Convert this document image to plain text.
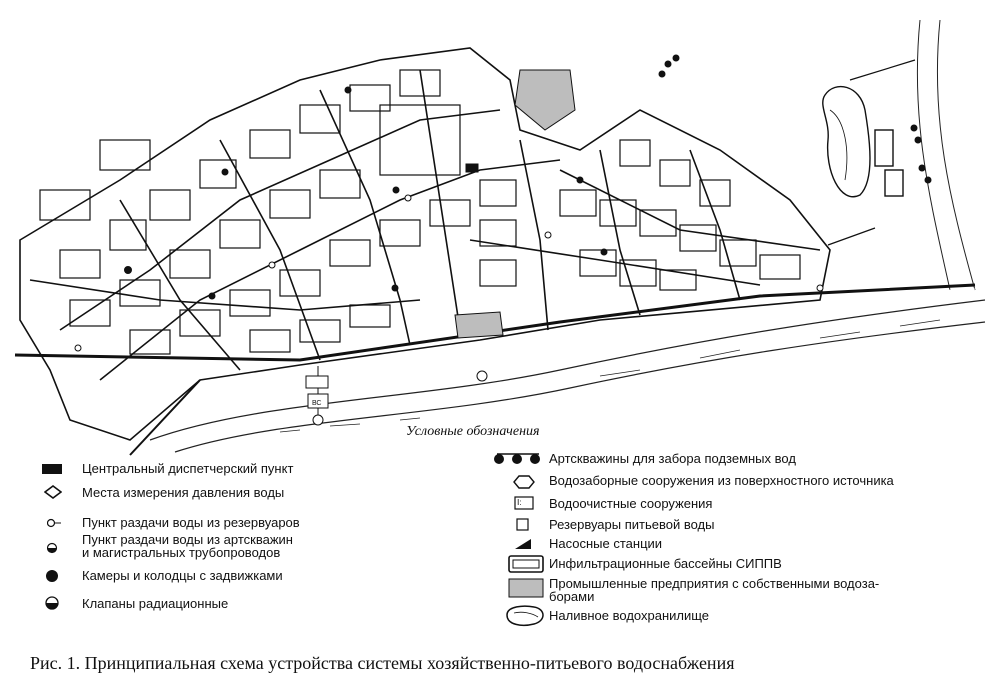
ВС
Условные обозначения
Центральный диспетчерский пункт
Места измерения давления воды
Пункт раздачи воды из резервуаров
Пункт раздачи воды из артскважин
и магистральных трубопроводов
Камеры и колодцы с задвижками
Клапаны радиационные
Артскважины для забора подземных вод
Водозаборные сооружения из поверхностного источника
Ⅰ: Водоочистные сооружения
Резервуары питьевой воды
Насосные станции
Инфильтрационные бассейны СИППВ
Промышленные предприятия с собственными водоза-
борами
Наливное водохранилище
Рис. 1. Принципиальная схема устройства системы хозяйственно-питьевого водоснабжения
